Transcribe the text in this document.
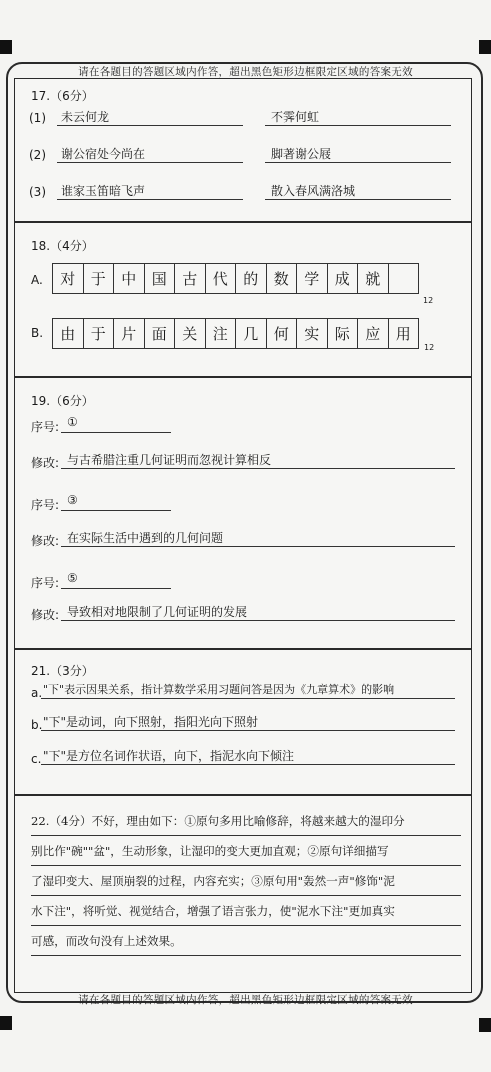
请在各题目的答题区域内作答，超出黑色矩形边框限定区域的答案无效
17.（6分）
(1) 未云何龙	不霁何虹
(2) 谢公宿处今尚在	脚著谢公屐
(3) 谁家玉笛暗飞声	散入春风满洛城
18.（4分）
A.	对	于	中	国	古	代	的	数	学	成	就
12
B.	由	于	片	面	关	注	几	何	实	际	应	用
12
19.（6分）
序号: ①
修改: 与古希腊注重几何证明而忽视计算相反
序号: ③
修改: 在实际生活中遇到的几何问题
序号: ⑤
修改: 导致相对地限制了几何证明的发展
21.（3分）
a. "下"表示因果关系，指计算数学采用习题问答是因为《九章算术》的影响
b. "下"是动词，向下照射，指阳光向下照射
c. "下"是方位名词作状语，向下，指泥水向下倾注
22.（4分）不好，理由如下：①原句多用比喻修辞，将越来越大的湿印分
别比作"碗""盆"，生动形象，让湿印的变大更加直观；②原句详细描写
了湿印变大、屋顶崩裂的过程，内容充实；③原句用"轰然一声"修饰"泥
水下注"，将听觉、视觉结合，增强了语言张力，使"泥水下注"更加真实
可感，而改句没有上述效果。
请在各题目的答题区域内作答，超出黑色矩形边框限定区域的答案无效
